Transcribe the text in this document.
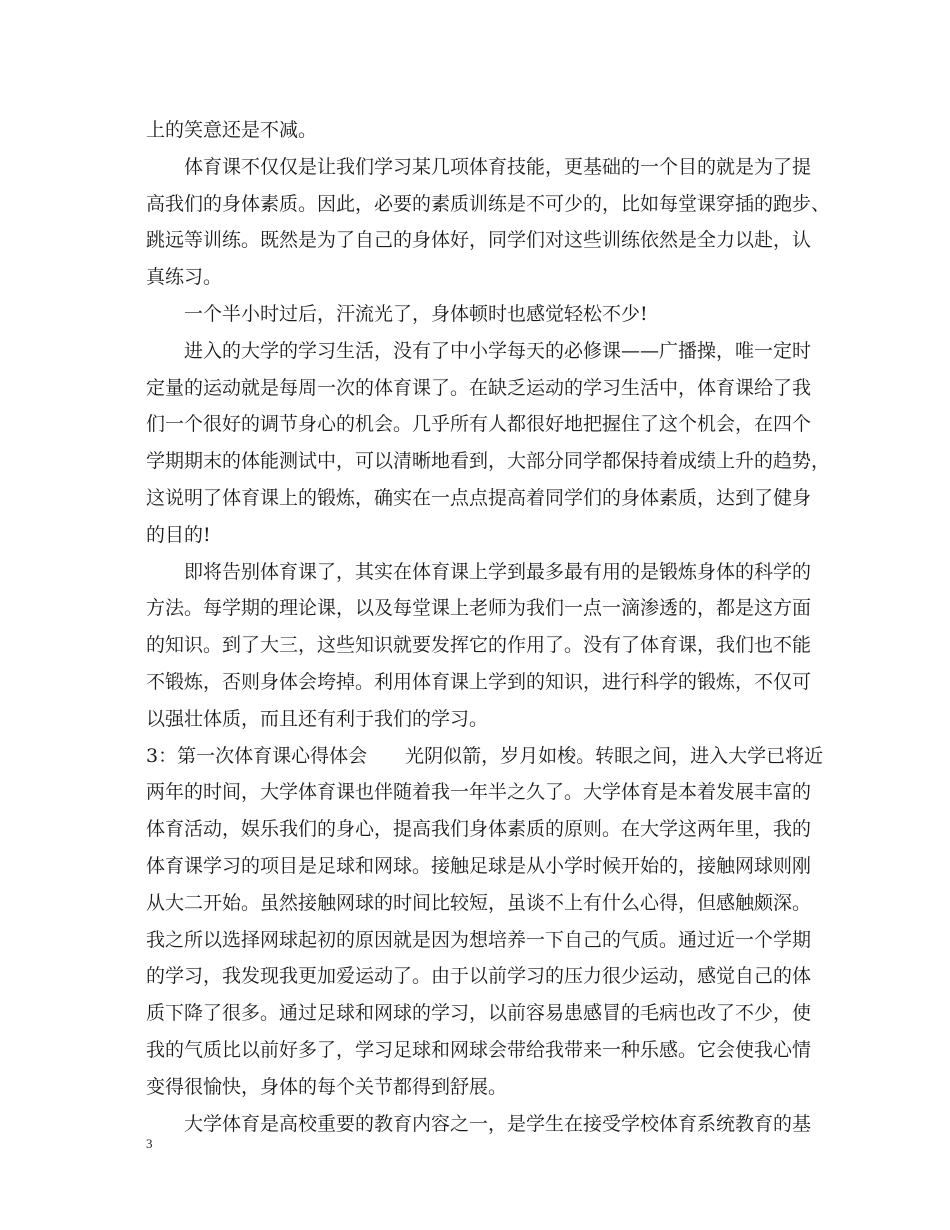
上的笑意还是不减。
体育课不仅仅是让我们学习某几项体育技能，更基础的一个目的就是为了提
高我们的身体素质。因此，必要的素质训练是不可少的，比如每堂课穿插的跑步、
跳远等训练。既然是为了自己的身体好，同学们对这些训练依然是全力以赴，认
真练习。
一个半小时过后，汗流光了，身体顿时也感觉轻松不少!
进入的大学的学习生活，没有了中小学每天的必修课——广播操，唯一定时
定量的运动就是每周一次的体育课了。在缺乏运动的学习生活中，体育课给了我
们一个很好的调节身心的机会。几乎所有人都很好地把握住了这个机会，在四个
学期期末的体能测试中，可以清晰地看到，大部分同学都保持着成绩上升的趋势，
这说明了体育课上的锻炼，确实在一点点提高着同学们的身体素质，达到了健身
的目的!
即将告别体育课了，其实在体育课上学到最多最有用的是锻炼身体的科学的
方法。每学期的理论课，以及每堂课上老师为我们一点一滴渗透的，都是这方面
的知识。到了大三，这些知识就要发挥它的作用了。没有了体育课，我们也不能
不锻炼，否则身体会垮掉。利用体育课上学到的知识，进行科学的锻炼，不仅可
以强壮体质，而且还有利于我们的学习。
3：第一次体育课心得体会　　光阴似箭，岁月如梭。转眼之间，进入大学已将近
两年的时间，大学体育课也伴随着我一年半之久了。大学体育是本着发展丰富的
体育活动，娱乐我们的身心，提高我们身体素质的原则。在大学这两年里，我的
体育课学习的项目是足球和网球。接触足球是从小学时候开始的，接触网球则刚
从大二开始。虽然接触网球的时间比较短，虽谈不上有什么心得，但感触颇深。
我之所以选择网球起初的原因就是因为想培养一下自己的气质。通过近一个学期
的学习，我发现我更加爱运动了。由于以前学习的压力很少运动，感觉自己的体
质下降了很多。通过足球和网球的学习，以前容易患感冒的毛病也改了不少，使
我的气质比以前好多了，学习足球和网球会带给我带来一种乐感。它会使我心情
变得很愉快，身体的每个关节都得到舒展。
大学体育是高校重要的教育内容之一，是学生在接受学校体育系统教育的基
3
